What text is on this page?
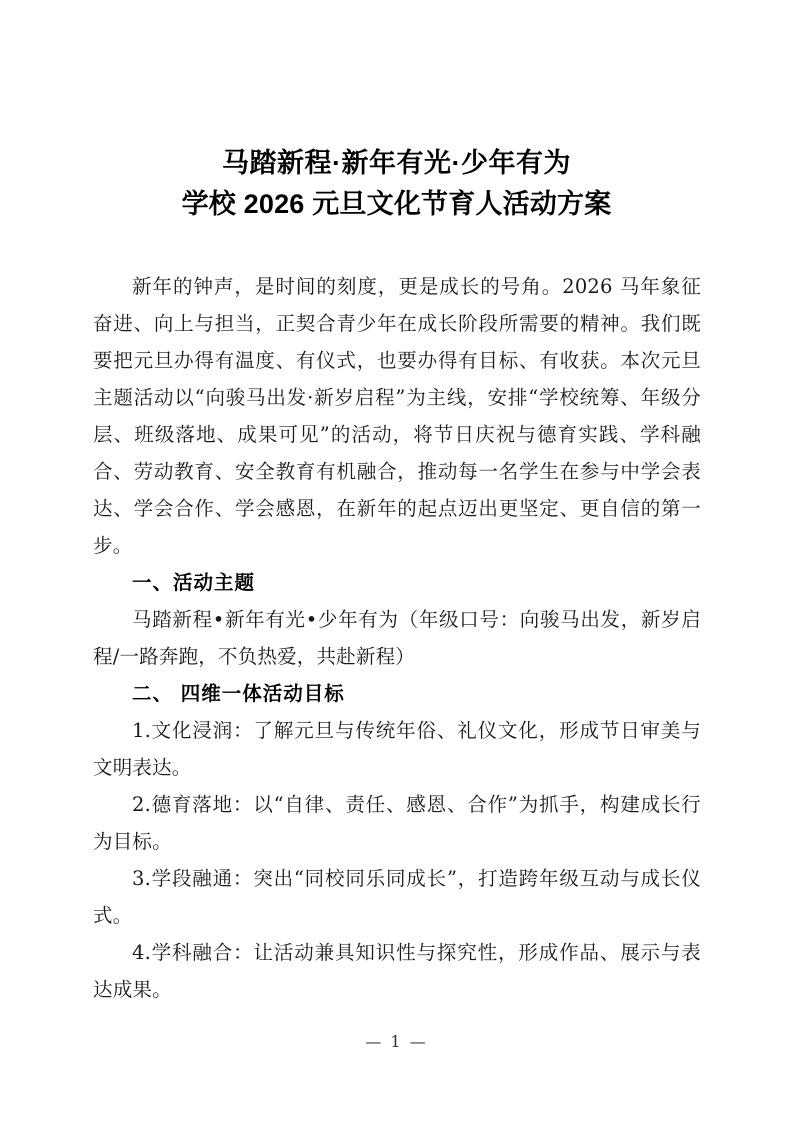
马踏新程·新年有光·少年有为
学校 2026 元旦文化节育人活动方案

新年的钟声，是时间的刻度，更是成长的号角。2026 马年象征奋进、向上与担当，正契合青少年在成长阶段所需要的精神。我们既要把元旦办得有温度、有仪式，也要办得有目标、有收获。本次元旦主题活动以“向骏马出发·新岁启程”为主线，安排“学校统筹、年级分层、班级落地、成果可见”的活动，将节日庆祝与德育实践、学科融合、劳动教育、安全教育有机融合，推动每一名学生在参与中学会表达、学会合作、学会感恩，在新年的起点迈出更坚定、更自信的第一步。

一、活动主题

马踏新程•新年有光•少年有为（年级口号：向骏马出发，新岁启程/一路奔跑，不负热爱，共赴新程）

二、 四维一体活动目标

1.文化浸润：了解元旦与传统年俗、礼仪文化，形成节日审美与文明表达。

2.德育落地：以“自律、责任、感恩、合作”为抓手，构建成长行为目标。

3.学段融通：突出“同校同乐同成长”，打造跨年级互动与成长仪式。

4.学科融合：让活动兼具知识性与探究性，形成作品、展示与表达成果。

— 1 —
